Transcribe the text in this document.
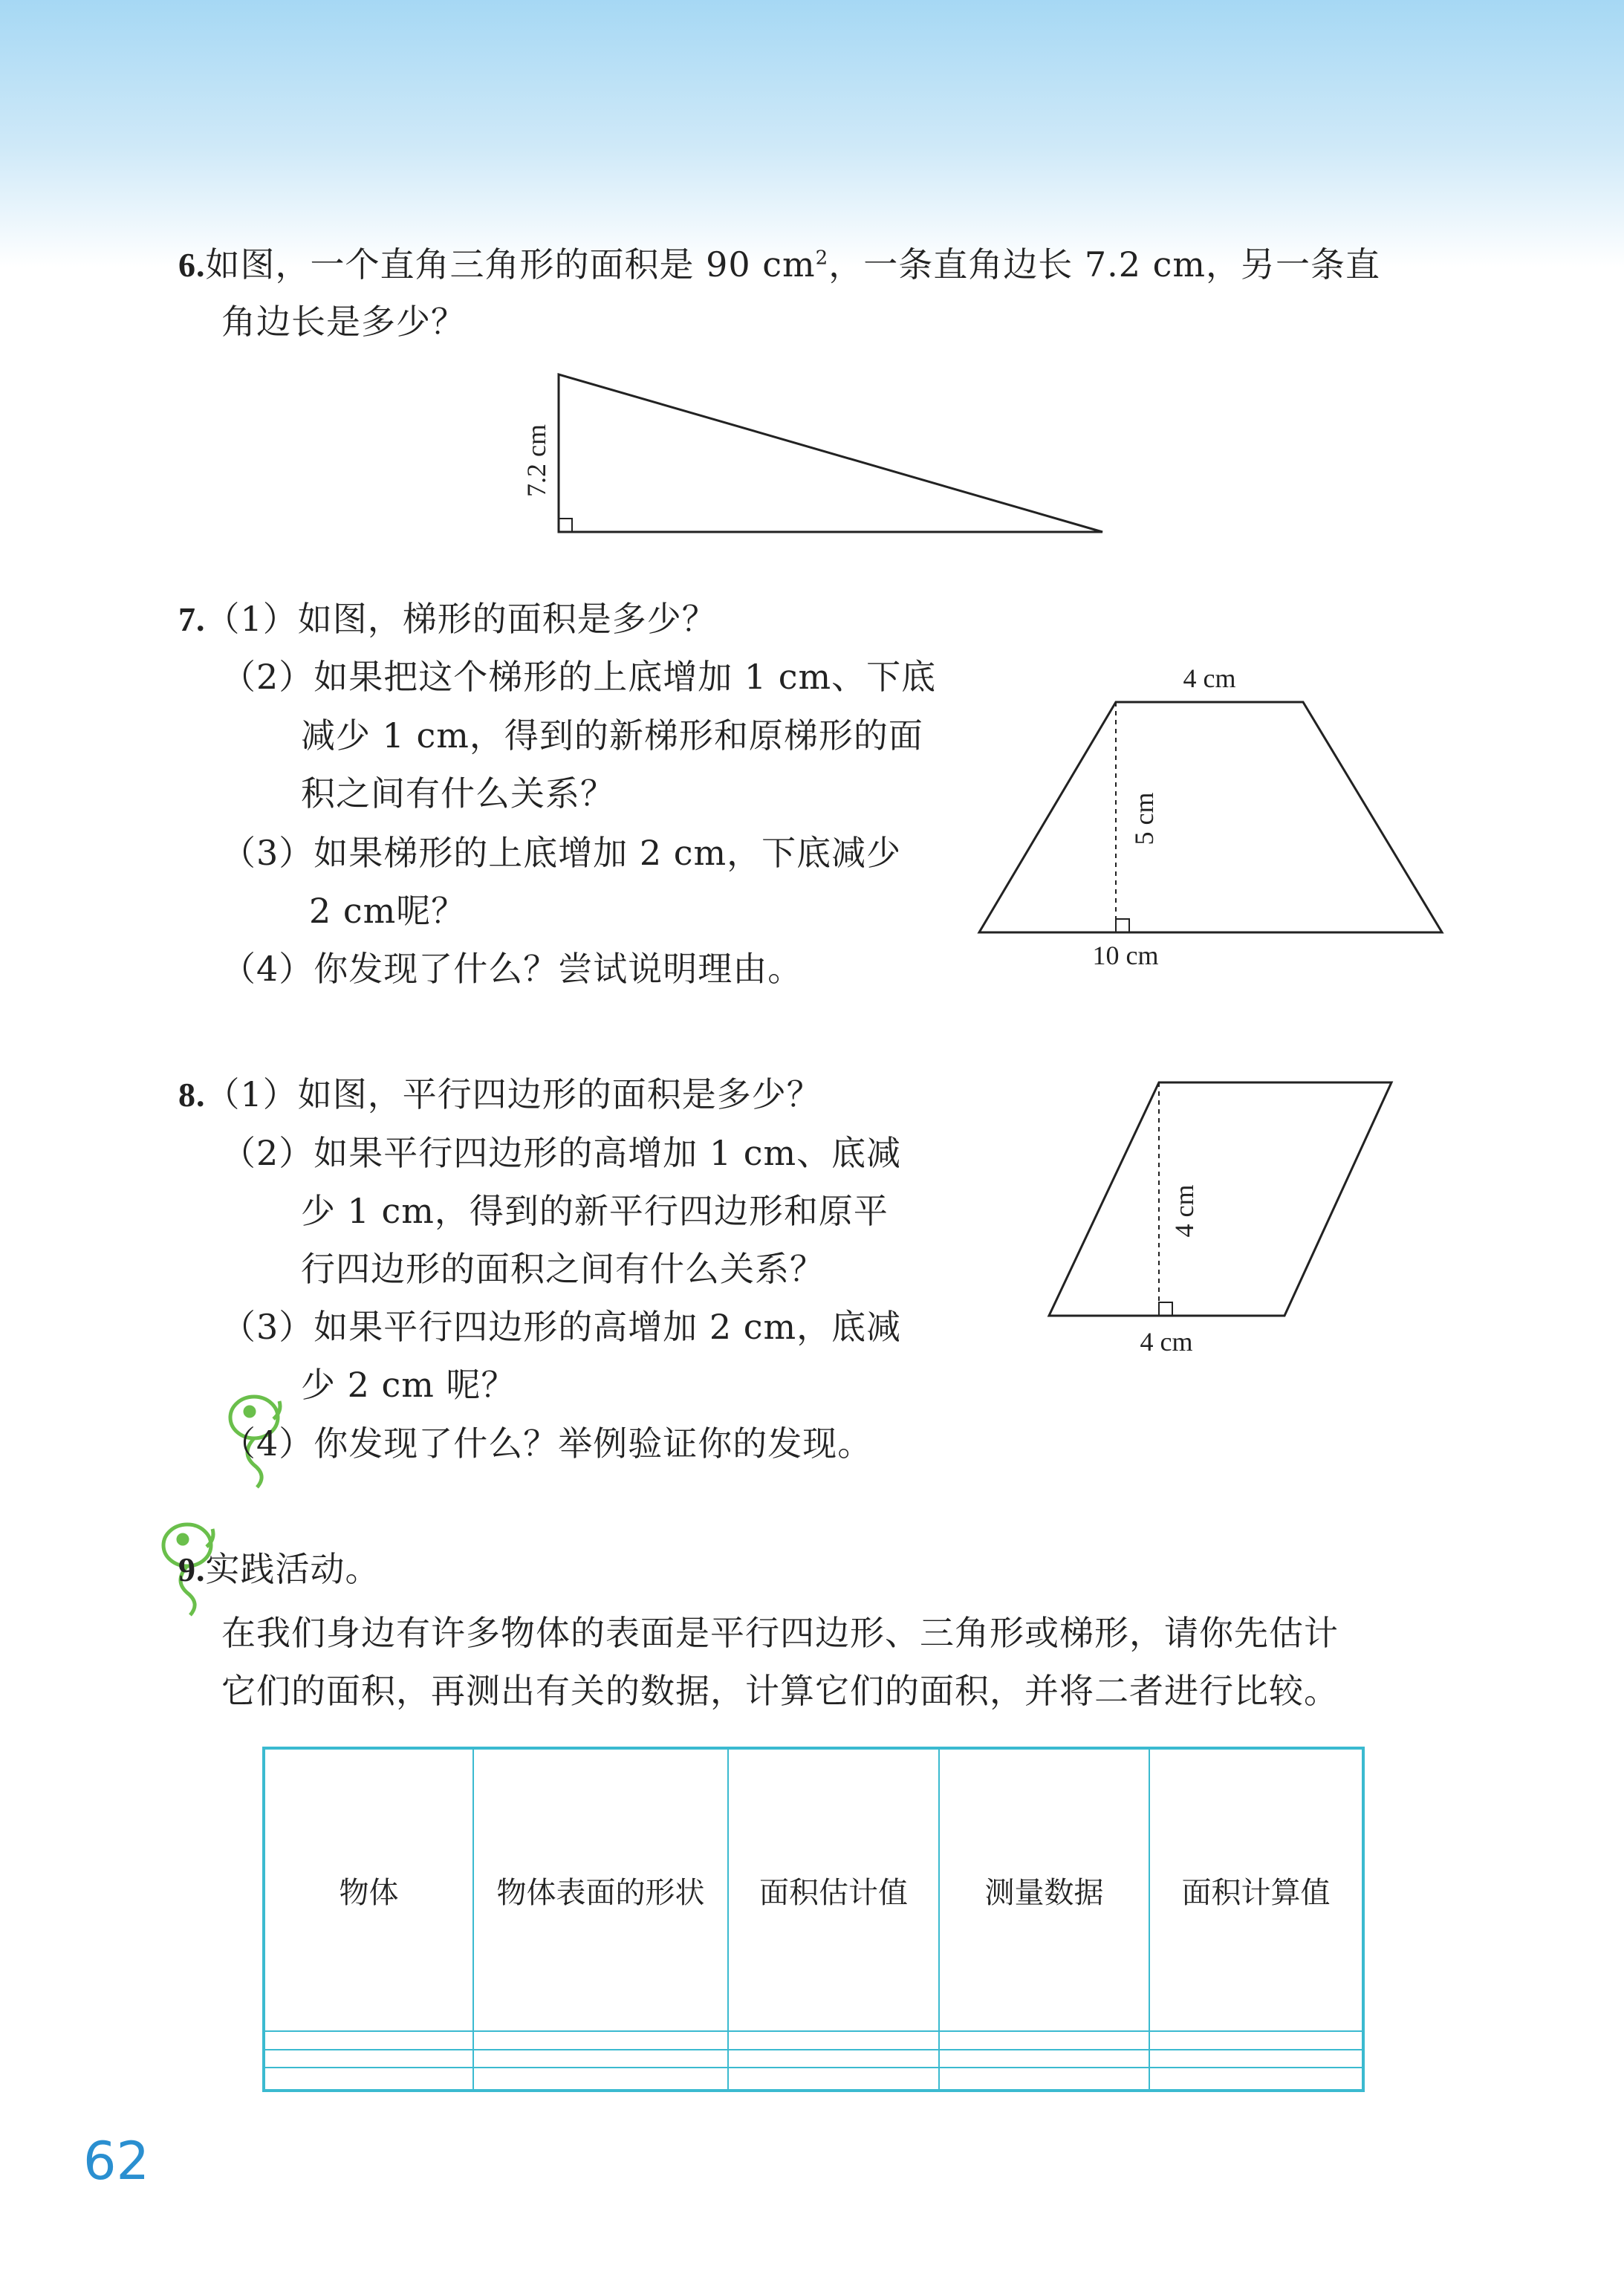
6.如图，一个直角三角形的面积是 90 $cm^2$，一条直角边长 7.2 cm，另一条直
角边长是多少？
7.2 cm
4 cm
5 cm
10 cm
4 cm
4 cm
7.（1）如图，梯形的面积是多少？
（2）如果把这个梯形的上底增加 1 cm、下底
减少 1 cm，得到的新梯形和原梯形的面
积之间有什么关系？
（3）如果梯形的上底增加 2 cm，下底减少
2 cm呢？
（4）你发现了什么？尝试说明理由。
8.（1）如图，平行四边形的面积是多少？
（2）如果平行四边形的高增加 1 cm、底减
少 1 cm，得到的新平行四边形和原平
行四边形的面积之间有什么关系？
（3）如果平行四边形的高增加 2 cm，底减
少 2 cm 呢？
（4）你发现了什么？举例验证你的发现。
9.实践活动。
在我们身边有许多物体的表面是平行四边形、三角形或梯形，请你先估计
它们的面积，再测出有关的数据，计算它们的面积，并将二者进行比较。
物体	物体表面的形状	面积估计值	测量数据	面积计算值

62
